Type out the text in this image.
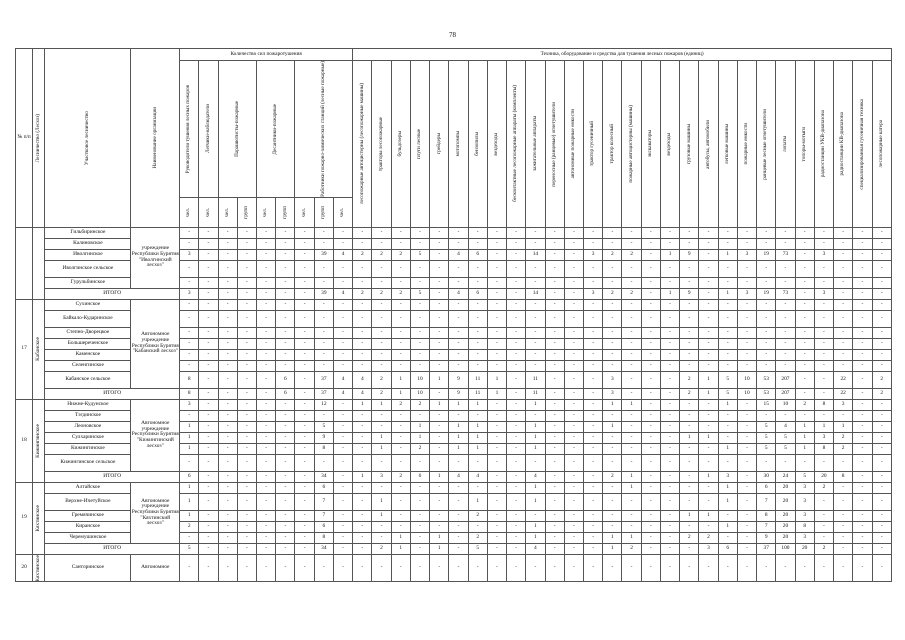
78
№ п/п	Лесничество (Лесхоз)	Участковое лесничество	Наименование организации	Количество сил пожаротушения									Техника, оборудование и средства для тушения лесных пожаров (единиц)																											

				Руководители тушения лесных пожаров	Летчики-наблюдатели	Парашютисты-пожарные		Десантники-пожарные		Работники пожарно-химических станций (лесные пожарные)			лесопожарные автоцистерны (лесопожарные машины)	тракторы лесопожарные	бульдозеры	плуги лесные	грейдеры	мотопомпы	бензопилы	вездеходы	бесконтактные лесопожарные аппараты (комплекты)	зажигательные аппараты	переносные (ранцевые) огнетушители	автономные пожарные емкости	трактор гусеничный	трактор колесный	пожарные автоцистерны (машины)	экскаваторы	вездеходы	грузовые машины	автобусы, автомобили	легковые машины	пожарные емкости	ранцевые лесные огнетушители	лопаты	топоры-мотыги	радиостанции УКВ-диапазона	радиостанции КВ-диапазона	специализированная гусеничная техника	лесопожарные катера

				чел.	чел.	чел.	групп	чел.	групп	чел.	групп	чел.																												

	Гильбиринское	учреждение Республики Бурятия "Иволгинский лесхоз"	-	-	-	-	-	-	-	-	-	-	-	-	-	-	-	-	-	-	-	-	-	-	-	-	-	-	-	-	-	-	-	-	-	-	-	-	-
		Калиновское		-	-	-	-	-	-	-	-	-	-	-	-	-	-	-	-	-	-	-	-	-	-	-	-	-	-	-	-	-	-	-	-	-	-	-	-	-
		Иволгинское		3	-	-	-	-	-	-	39	4	2	2	2	5	-	4	6	-	-	14	-	-	3	2	2	-	1	9	-	1	3	19	73	-	3	-	-	-
		Иволгинское сельское		-	-	-	-	-	-	-	-	-	-	-	-	-	-	-	-	-	-	-	-	-	-	-	-	-	-	-	-	-	-	-	-	-	-	-	-	-
		Гурульбинское		-	-	-	-	-	-	-	-	-	-	-	-	-	-	-	-	-	-	-	-	-	-	-	-	-	-	-	-	-	-	-	-	-	-	-	-	-
		ИТОГО		3	-	-	-	-	-	-	39	4	2	2	2	5	-	4	6	-	-	14	-	-	3	2	2	-	1	9	-	1	3	19	73	-	3	-	-	-
17	Кабанское	Сухинское	Автономное учреждение Республики Бурятия "Кабанский лесхоз"	-	-	-	-	-	-	-	-	-	-	-	-	-	-	-	-	-	-	-	-	-	-	-	-	-	-	-	-	-	-	-	-	-	-	-	-	-
		Байкало-Кударинское		-	-	-	-	-	-	-	-	-	-	-	-	-	-	-	-	-	-	-	-	-	-	-	-	-	-	-	-	-	-	-	-	-	-	-	-	-
		Степно-Дворецкое		-	-	-	-	-	-	-	-	-	-	-	-	-	-	-	-	-	-	-	-	-	-	-	-	-	-	-	-	-	-	-	-	-	-	-	-	-
		Большереченское		-	-	-	-	-	-	-	-	-	-	-	-	-	-	-	-	-	-	-	-	-	-	-	-	-	-	-	-	-	-	-	-	-	-	-	-	-
		Каменское		-	-	-	-	-	-	-	-	-	-	-	-	-	-	-	-	-	-	-	-	-	-	-	-	-	-	-	-	-	-	-	-	-	-	-	-	-
		Селенгинское		-	-	-	-	-	-	-	-	-	-	-	-	-	-	-	-	-	-	-	-	-	-	-	-	-	-	-	-	-	-	-	-	-	-	-	-	-
		Кабанское сельское		8	-	-	-	-	6	-	37	4	4	2	1	10	1	9	11	1	-	11	-	-	-	3	-	-	-	2	1	5	10	53	207	-	-	22	-	2
		ИТОГО		8	-	-	-	-	6	-	37	4	4	2	1	10	-	9	11	1	-	11	-	-	-	3	-	-	-	2	1	5	10	53	207	-	-	22	-	2
18	Кижингинское	Нижне-Кудунское	Автономное учреждение Республики Бурятия "Кижингинский лесхоз"	3	-	-	-	-	-	-	12	-	1	1	2	2	1	1	1	-	-	1	-	-	-	1	1	-	-	-	-	1	-	15	10	2	8	3	-	-
		Тэгдинское		-	-	-	-	-	-	-	-	-	-	-	-	-	-	-	-	-	-	-	-	-	-	-	-	-	-	-	-	-	-	-	-	-	-	-	-	-
		Леоновское		1	-	-	-	-	-	-	5	-	-	-	-	1	-	1	1	-	-	1	-	-	-	1	-	-	-	-	-	-	-	5	4	1	1	1	-	-
		Сулхаринское		1	-	-	-	-	-	-	9	-	-	1	-	1	-	1	1	-	-	1	-	-	-	-	-	-	-	1	1	-	-	5	5	1	3	2	-	-
		Кижингинское		1	-	-	-	-	-	-	8	-	-	1	-	2	-	1	1	-	-	1	-	-	-	-	-	-	-	-	-	1	-	5	5	1	8	2	-	-
		Кижингинское сельское		-	-	-	-	-	-	-	-	-	-	-	-	-	-	-	-	-	-	-	-	-	-	-	-	-	-	-	-	-	-	-	-	-	-	-	-	-
		ИТОГО		6	-	-	-	-	-	-	34	-	1	3	2	6	1	4	4	-	-	4	-	-	-	2	1	-	-	-	1	3	-	30	24	5	20	8	-	-
19	Кяхтинское	Алтайское	Автономное учреждение Республики Бурятия "Кяхтинский лесхоз"	1	-	-	-	-	-	-	6	-	-	-	-	-	-	-	-	-	-	1	-	-	-	-	1	-	-	-	-	1	-	6	20	3	2	-	-	-
		Верхне-Ичетуйское		1	-	-	-	-	-	-	7	-	-	1	-	-	-	-	1	-	-	1	-	-	-	-	-	-	-	-	-	1	-	7	20	3	-	-	-	-
		Гремячинское		1	-	-	-	-	-	-	7	-	-	1	-	-	-	-	2	-	-	-	-	-	-	-	-	-	-	1	1	-	-	8	20	3	-	-	-	-
		Киранское		2	-	-	-	-	-	-	6	-	-	-	-	-	-	-	-	-	-	1	-	-	-	-	-	-	-	-	-	1	-	7	20	8	-	-	-	-
		Черемушинское		-	-	-	-	-	-	-	8	-	-	-	1	-	1	-	2	-	-	1	-	-	-	1	1	-	-	2	2	-	-	9	20	3	-	-	-	-
		ИТОГО		5	-	-	-	-	-	-	34	-	-	2	1	-	1	-	5	-	-	4	-	-	-	1	2	-	-	-	3	6	-	37	100	20	2	-	-	-
20	Кяхтинское	Санторинское	Автономное	-	-	-	-	-	-	-	-	-	-	-	-	-	-	-	-	-	-	-	-	-	-	-	-	-	-	-	-	-	-	-	-	-	-	-	-	-
